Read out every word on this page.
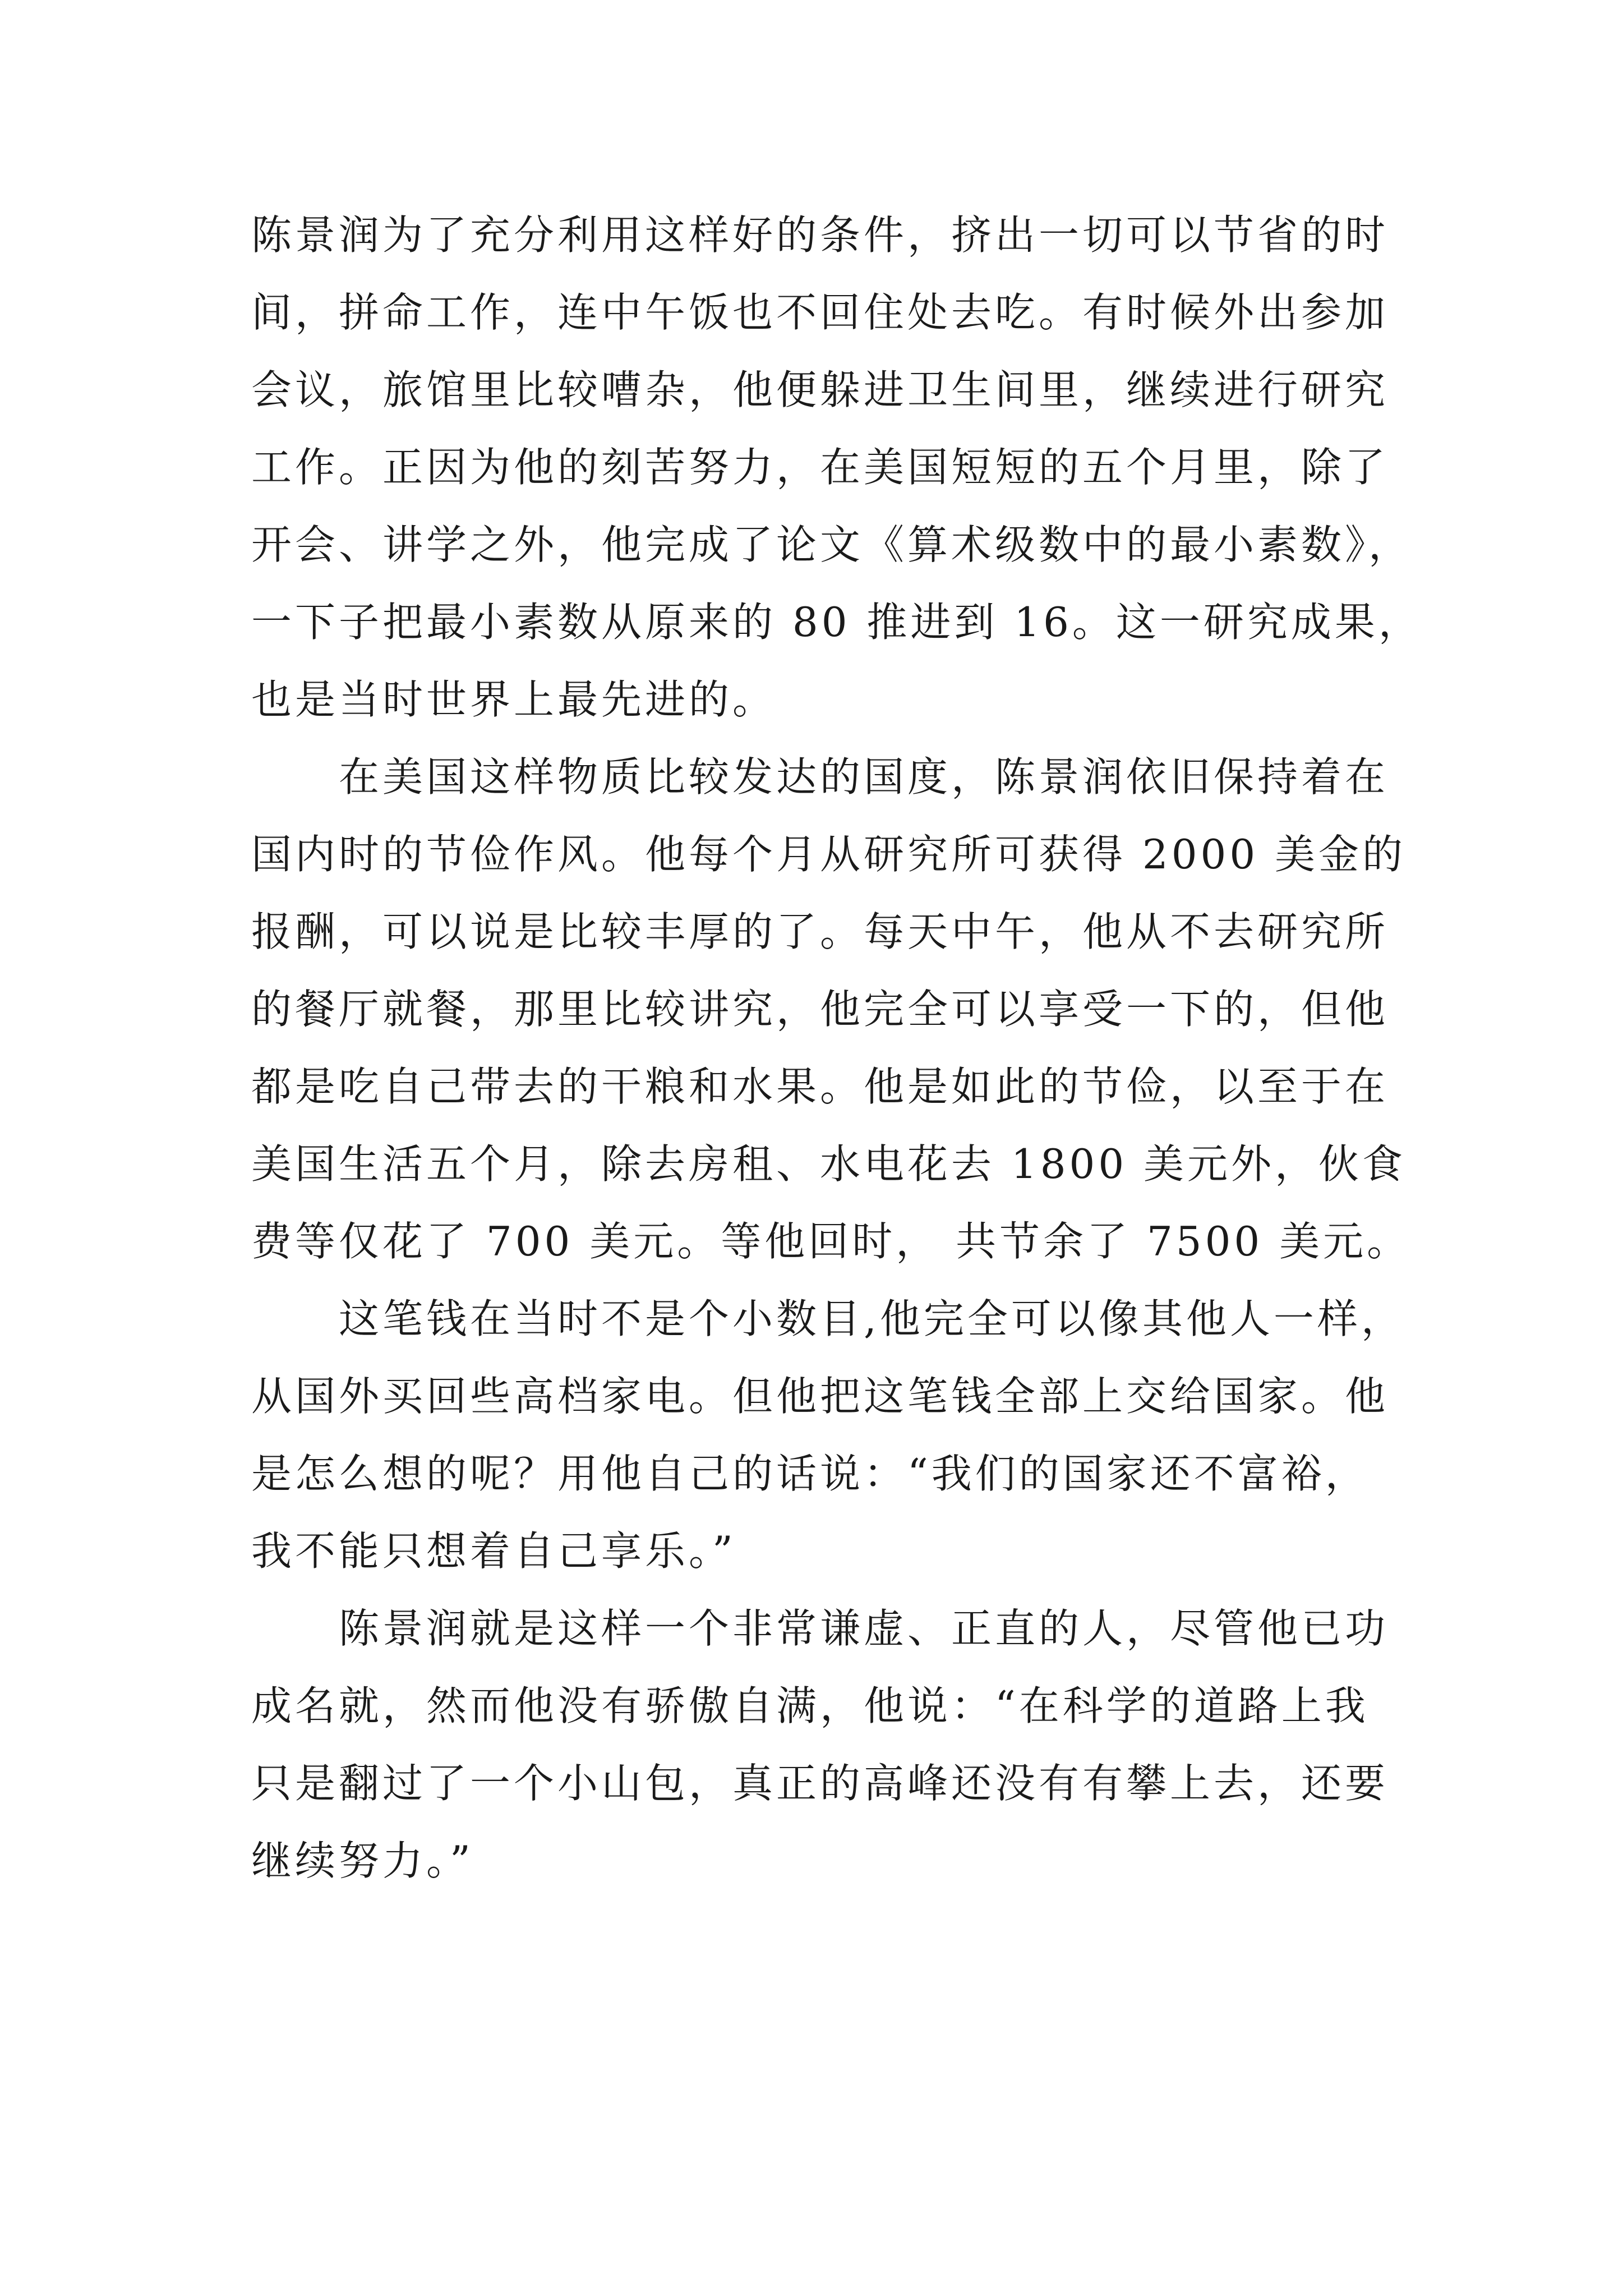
陈景润为了充分利用这样好的条件，挤出一切可以节省的时
间，拼命工作，连中午饭也不回住处去吃。有时候外出参加
会议，旅馆里比较嘈杂，他便躲进卫生间里，继续进行研究
工作。正因为他的刻苦努力，在美国短短的五个月里，除了
开会、讲学之外，他完成了论文《算术级数中的最小素数》，
一下子把最小素数从原来的 80 推进到 16。这一研究成果，
也是当时世界上最先进的。
在美国这样物质比较发达的国度，陈景润依旧保持着在
国内时的节俭作风。他每个月从研究所可获得 2000 美金的
报酬，可以说是比较丰厚的了。每天中午，他从不去研究所
的餐厅就餐，那里比较讲究，他完全可以享受一下的，但他
都是吃自己带去的干粮和水果。他是如此的节俭，以至于在
美国生活五个月，除去房租、水电花去 1800 美元外，伙食
费等仅花了 700 美元。等他回时， 共节余了 7500 美元。
这笔钱在当时不是个小数目,他完全可以像其他人一样，
从国外买回些高档家电。但他把这笔钱全部上交给国家。他
是怎么想的呢？用他自己的话说：“我们的国家还不富裕，
我不能只想着自己享乐。”
陈景润就是这样一个非常谦虚、正直的人，尽管他已功
成名就，然而他没有骄傲自满，他说：“在科学的道路上我
只是翻过了一个小山包，真正的高峰还没有有攀上去，还要
继续努力。”
